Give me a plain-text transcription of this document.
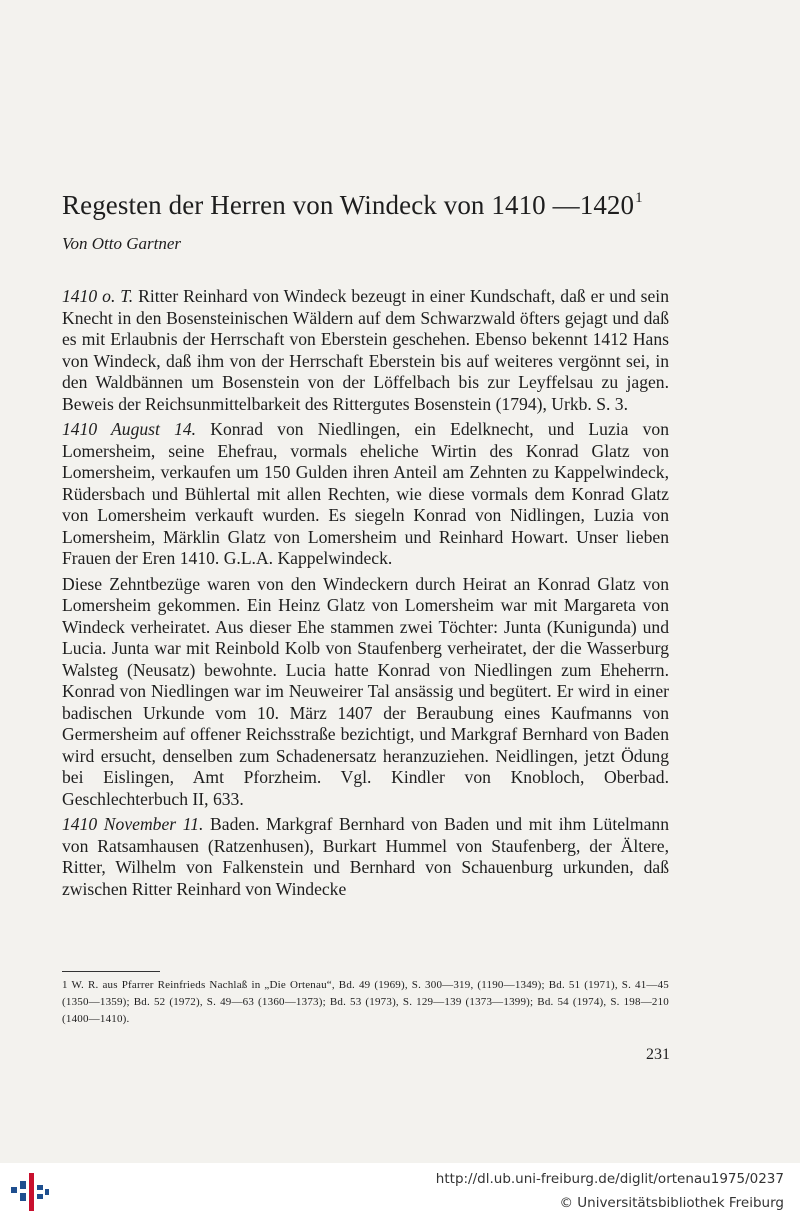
Regesten der Herren von Windeck von 1410 —1420$^1$
Von Otto Gartner

1410 o. T. Ritter Reinhard von Windeck bezeugt in einer Kundschaft, daß er und sein Knecht in den Bosensteinischen Wäldern auf dem Schwarzwald öfters gejagt und daß es mit Erlaubnis der Herrschaft von Eberstein geschehen. Ebenso bekennt 1412 Hans von Windeck, daß ihm von der Herrschaft Eberstein bis auf weiteres vergönnt sei, in den Waldbännen um Bosenstein von der Löffelbach bis zur Leyffelsau zu jagen. Beweis der Reichsunmittelbarkeit des Rittergutes Bosenstein (1794), Urkb. S. 3.

1410 August 14. Konrad von Niedlingen, ein Edelknecht, und Luzia von Lomersheim, seine Ehefrau, vormals eheliche Wirtin des Konrad Glatz von Lomersheim, verkaufen um 150 Gulden ihren Anteil am Zehnten zu Kappelwindeck, Rüdersbach und Bühlertal mit allen Rechten, wie diese vormals dem Konrad Glatz von Lomersheim verkauft wurden. Es siegeln Konrad von Nidlingen, Luzia von Lomersheim, Märklin Glatz von Lomersheim und Reinhard Howart. Unser lieben Frauen der Eren 1410. G.L.A. Kappelwindeck.

Diese Zehntbezüge waren von den Windeckern durch Heirat an Konrad Glatz von Lomersheim gekommen. Ein Heinz Glatz von Lomersheim war mit Margareta von Windeck verheiratet. Aus dieser Ehe stammen zwei Töchter: Junta (Kunigunda) und Lucia. Junta war mit Reinbold Kolb von Staufenberg verheiratet, der die Wasserburg Walsteg (Neusatz) bewohnte. Lucia hatte Konrad von Niedlingen zum Eheherrn. Konrad von Niedlingen war im Neuweirer Tal ansässig und begütert. Er wird in einer badischen Urkunde vom 10. März 1407 der Beraubung eines Kaufmanns von Germersheim auf offener Reichsstraße bezichtigt, und Markgraf Bernhard von Baden wird ersucht, denselben zum Schadenersatz heranzuziehen. Neidlingen, jetzt Ödung bei Eislingen, Amt Pforzheim. Vgl. Kindler von Knobloch, Oberbad. Geschlechterbuch II, 633.

1410 November 11. Baden. Markgraf Bernhard von Baden und mit ihm Lütelmann von Ratsamhausen (Ratzenhusen), Burkart Hummel von Staufenberg, der Ältere, Ritter, Wilhelm von Falkenstein und Bernhard von Schauenburg urkunden, daß zwischen Ritter Reinhard von Windecke

1 W. R. aus Pfarrer Reinfrieds Nachlaß in „Die Ortenau“, Bd. 49 (1969), S. 300—319, (1190—1349); Bd. 51 (1971), S. 41—45 (1350—1359); Bd. 52 (1972), S. 49—63 (1360—1373); Bd. 53 (1973), S. 129—139 (1373—1399); Bd. 54 (1974), S. 198—210 (1400—1410).
231
http://dl.ub.uni-freiburg.de/diglit/ortenau1975/0237
© Universitätsbibliothek Freiburg
